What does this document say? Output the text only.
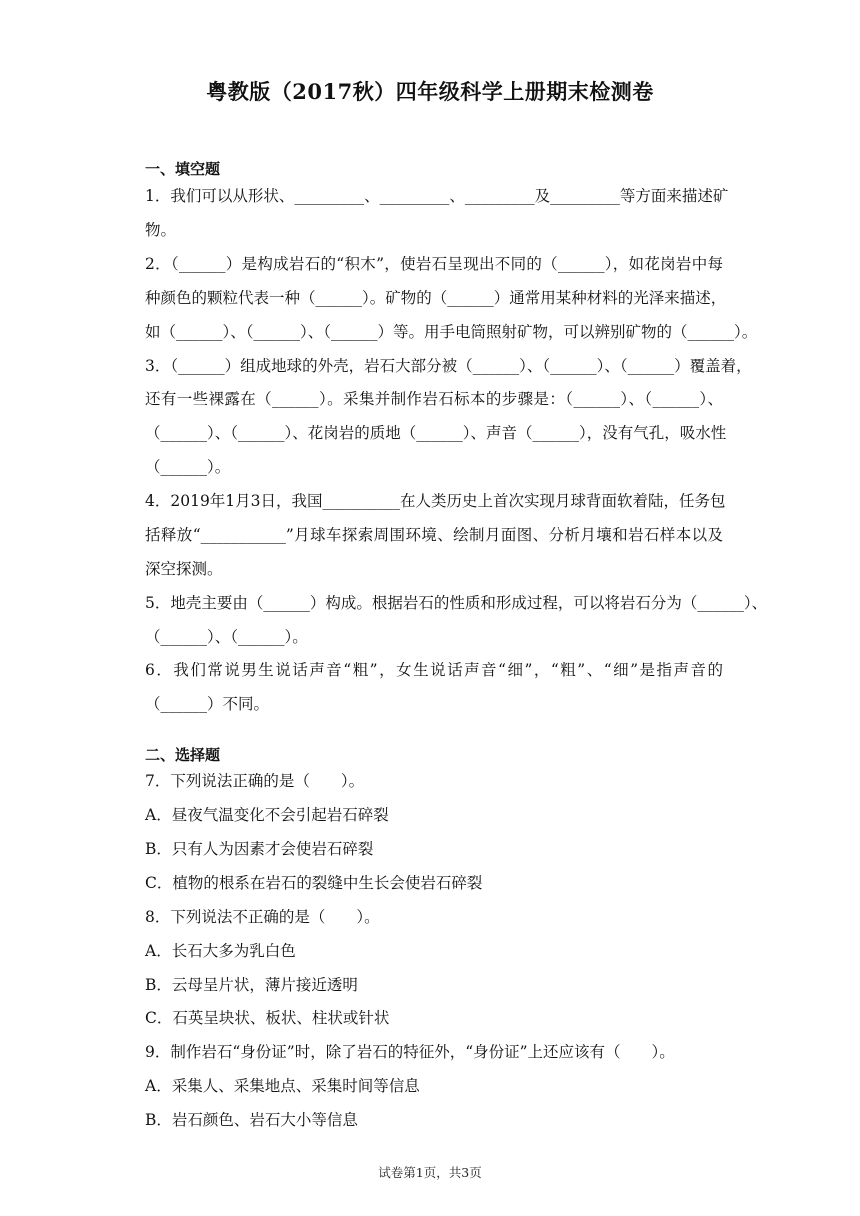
粤教版（2017秋）四年级科学上册期末检测卷
一、填空题
1．我们可以从形状、_________、_________、_________及_________等方面来描述矿
物。
2．（______）是构成岩石的“积木”，使岩石呈现出不同的（______），如花岗岩中每
种颜色的颗粒代表一种（______）。矿物的（______）通常用某种材料的光泽来描述，
如（______）、（______）、（______）等。用手电筒照射矿物，可以辨别矿物的（______）。
3．（______）组成地球的外壳，岩石大部分被（______）、（______）、（______）覆盖着，
还有一些裸露在（______）。采集并制作岩石标本的步骤是：（______）、（______）、
（______）、（______）、花岗岩的质地（______）、声音（______），没有气孔，吸水性
（______）。
4．2019年1月3日，我国__________在人类历史上首次实现月球背面软着陆，任务包
括释放“___________”月球车探索周围环境、绘制月面图、分析月壤和岩石样本以及
深空探测。
5．地壳主要由（______）构成。根据岩石的性质和形成过程，可以将岩石分为（______）、
（______）、（______）。
6．我们常说男生说话声音“粗”，女生说话声音“细”，“粗”、“细”是指声音的
（______）不同。
二、选择题
7．下列说法正确的是（　　）。
A．昼夜气温变化不会引起岩石碎裂
B．只有人为因素才会使岩石碎裂
C．植物的根系在岩石的裂缝中生长会使岩石碎裂
8．下列说法不正确的是（　　）。
A．长石大多为乳白色
B．云母呈片状，薄片接近透明
C．石英呈块状、板状、柱状或针状
9．制作岩石“身份证”时，除了岩石的特征外，“身份证”上还应该有（　　）。
A．采集人、采集地点、采集时间等信息
B．岩石颜色、岩石大小等信息
试卷第1页，共3页
